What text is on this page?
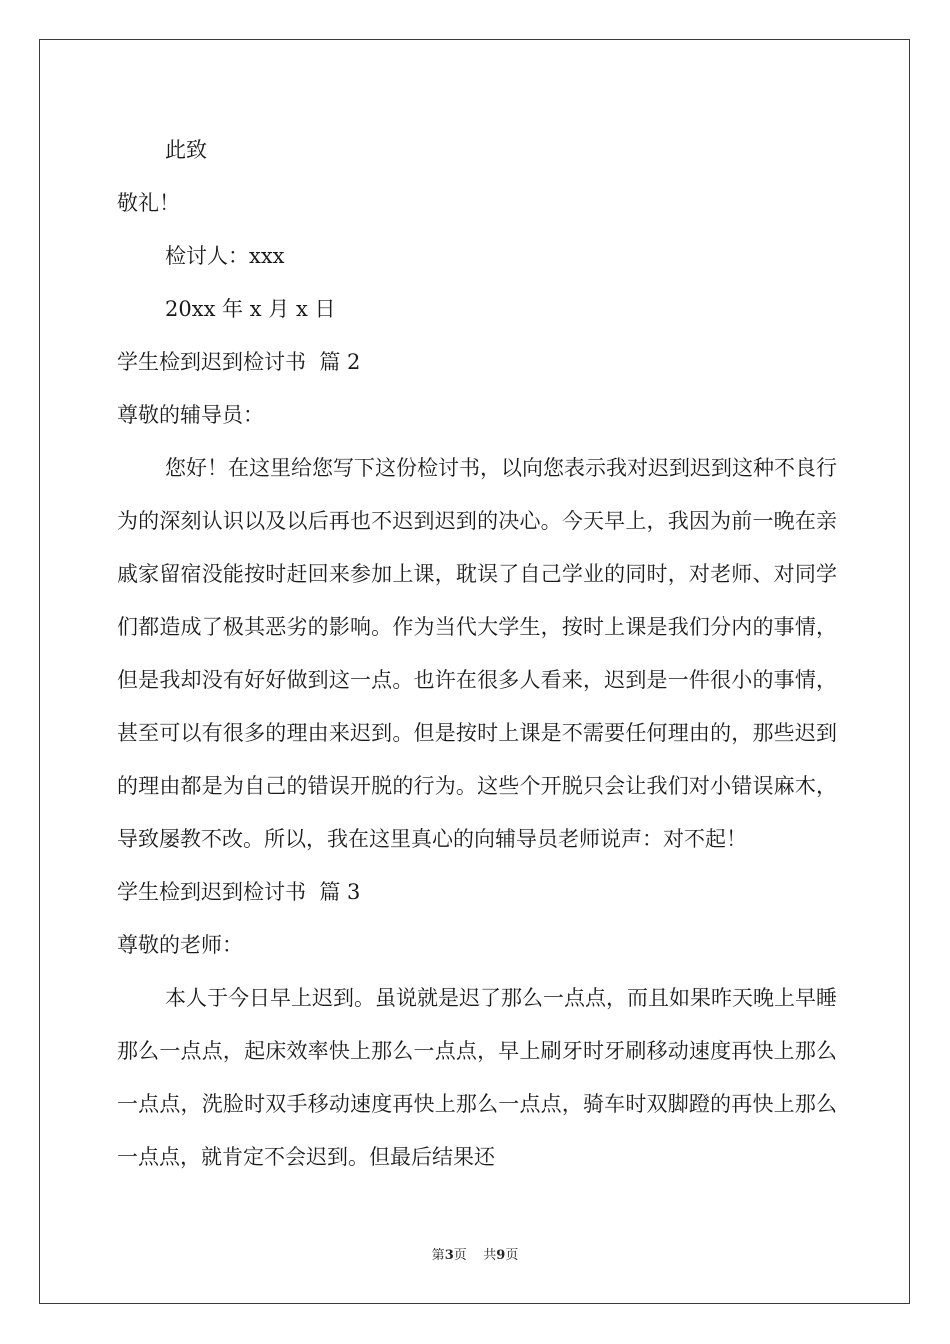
此致
敬礼！
检讨人：xxx
20xx 年 x 月 x 日
学生检到迟到检讨书  篇 2
尊敬的辅导员：

您好！在这里给您写下这份检讨书，以向您表示我对迟到迟到这种不良行为的深刻认识以及以后再也不迟到迟到的决心。今天早上，我因为前一晚在亲戚家留宿没能按时赶回来参加上课，耽误了自己学业的同时，对老师、对同学们都造成了极其恶劣的影响。作为当代大学生，按时上课是我们分内的事情，但是我却没有好好做到这一点。也许在很多人看来，迟到是一件很小的事情，甚至可以有很多的理由来迟到。但是按时上课是不需要任何理由的，那些迟到的理由都是为自己的错误开脱的行为。这些个开脱只会让我们对小错误麻木，导致屡教不改。所以，我在这里真心的向辅导员老师说声：对不起！

学生检到迟到检讨书  篇 3
尊敬的老师：

本人于今日早上迟到。虽说就是迟了那么一点点，而且如果昨天晚上早睡那么一点点，起床效率快上那么一点点，早上刷牙时牙刷移动速度再快上那么一点点，洗脸时双手移动速度再快上那么一点点，骑车时双脚蹬的再快上那么一点点，就肯定不会迟到。但最后结果还

第3页    共9页
